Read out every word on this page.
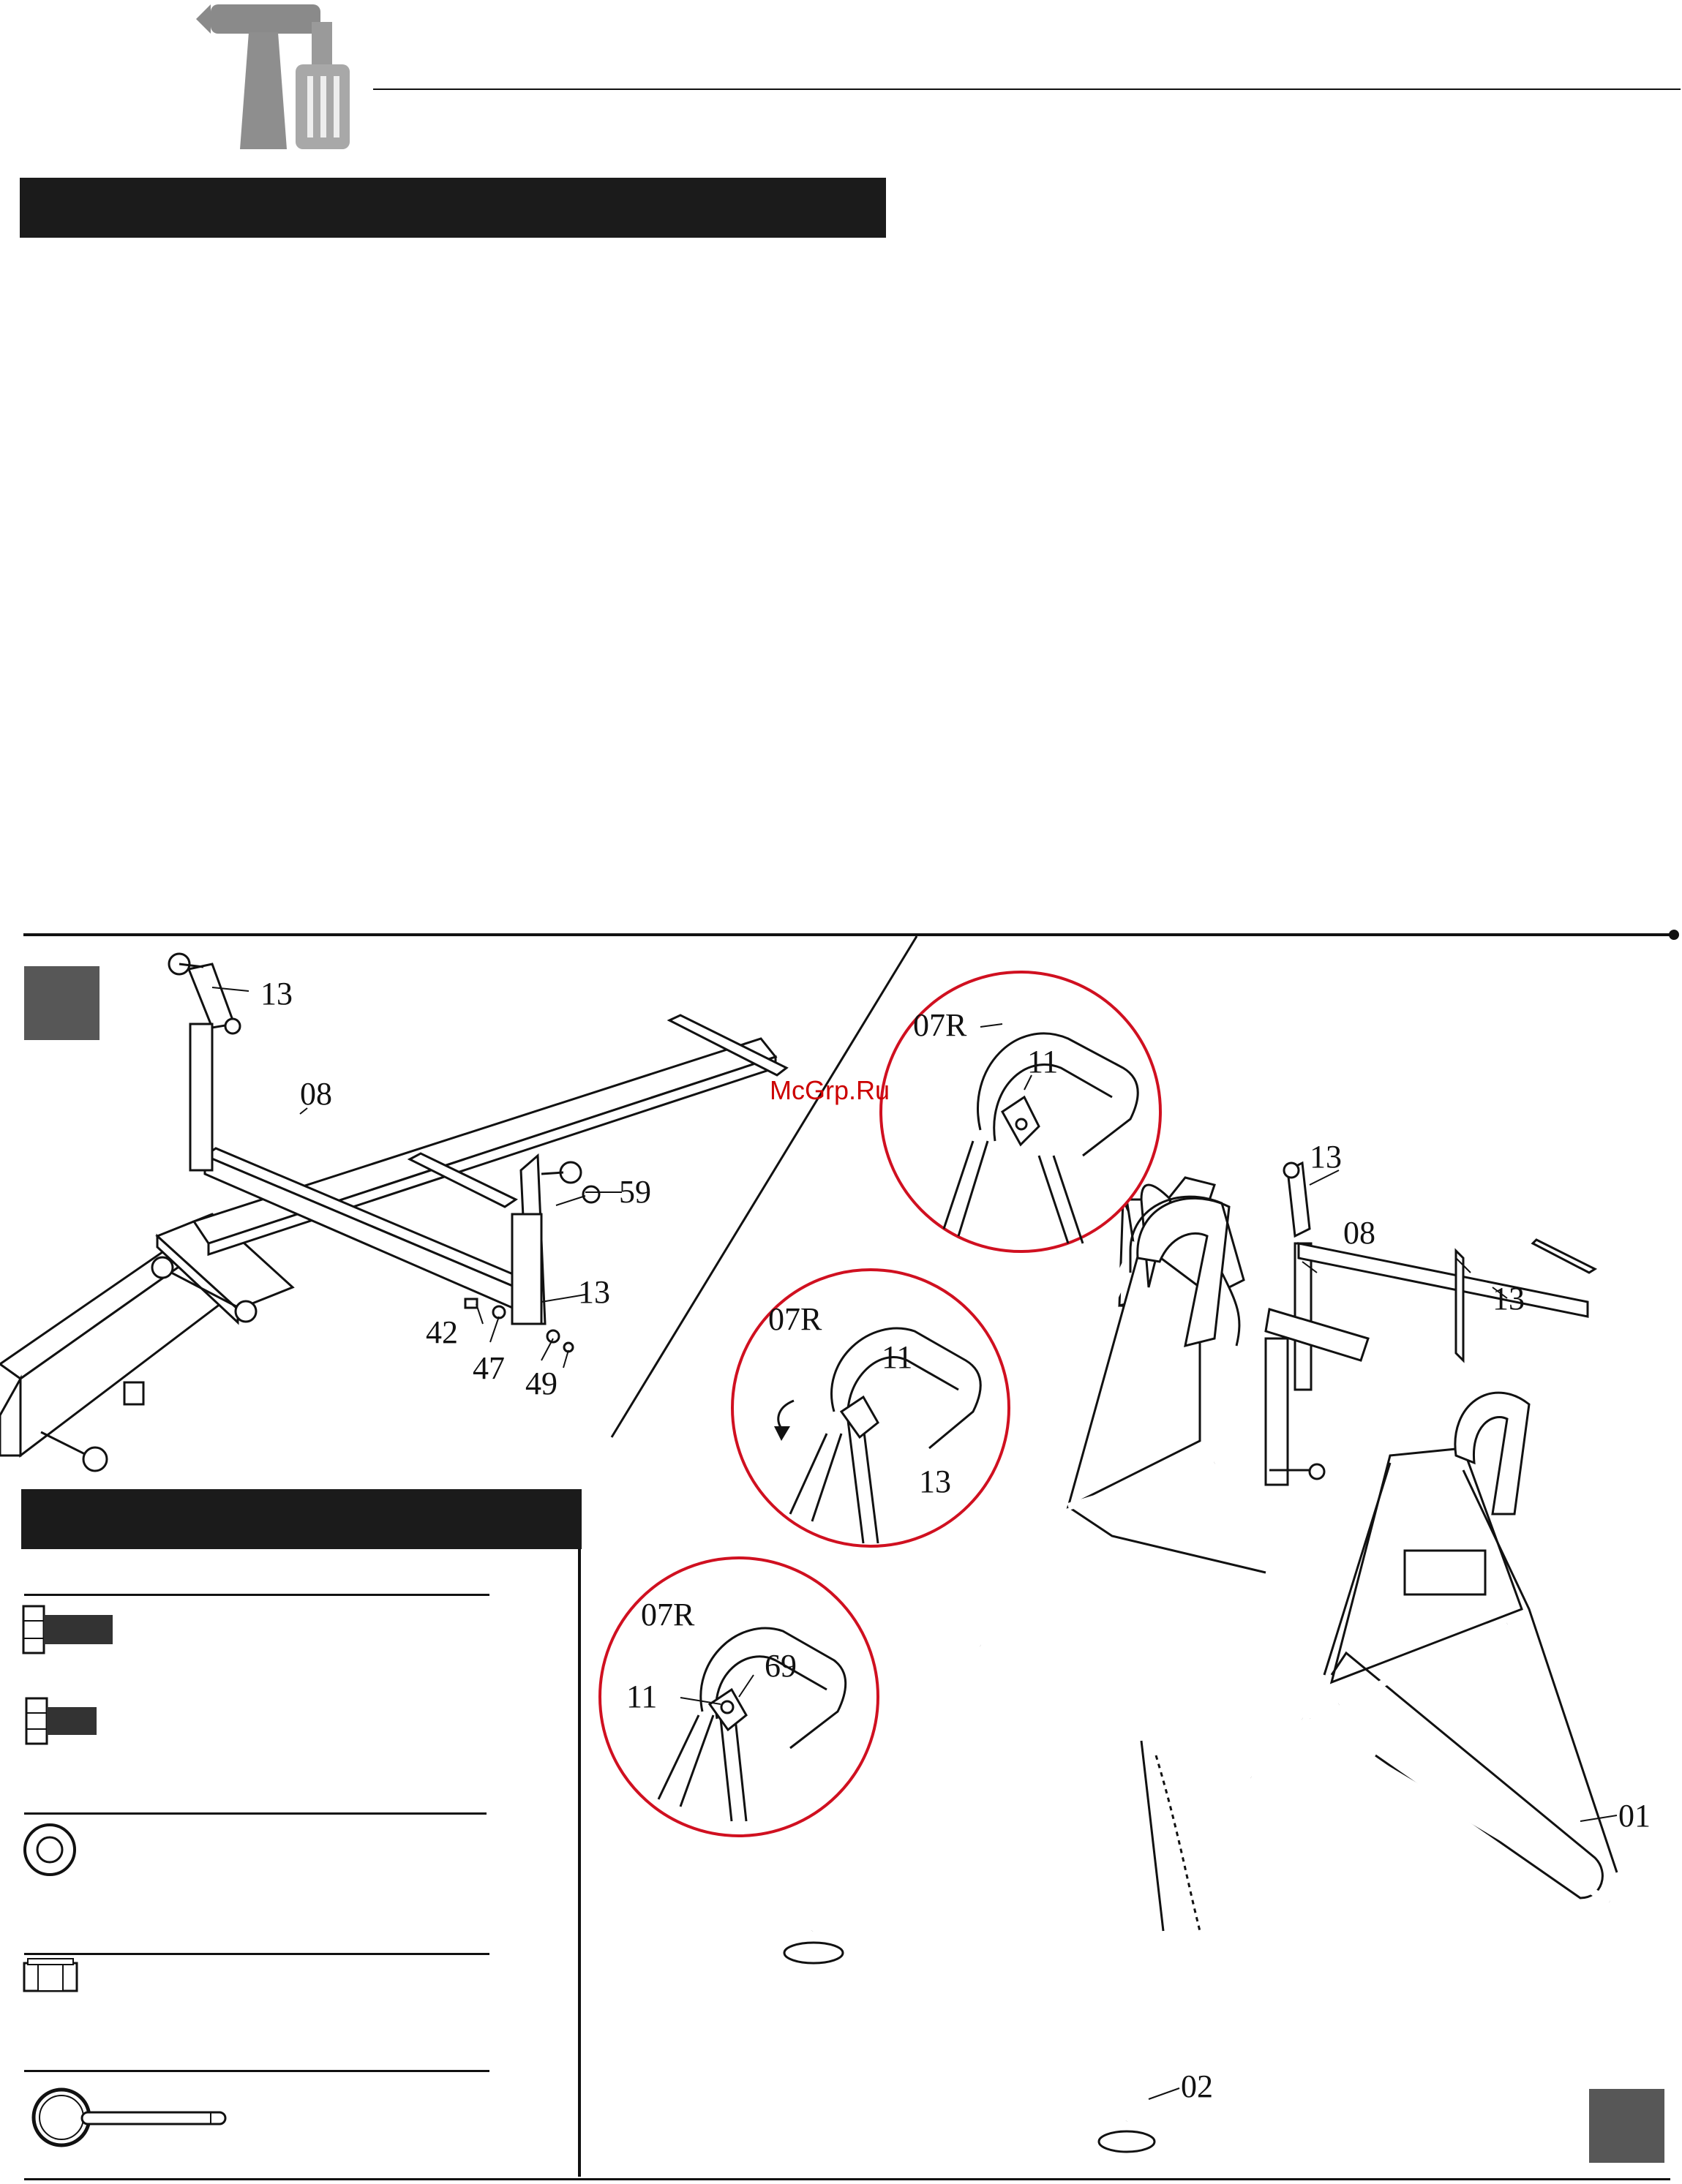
13
08
59
13
42
47 49
07R
11
07R
11
13
07R
69
11
13
08
13
01
02
McGrp.Ru
